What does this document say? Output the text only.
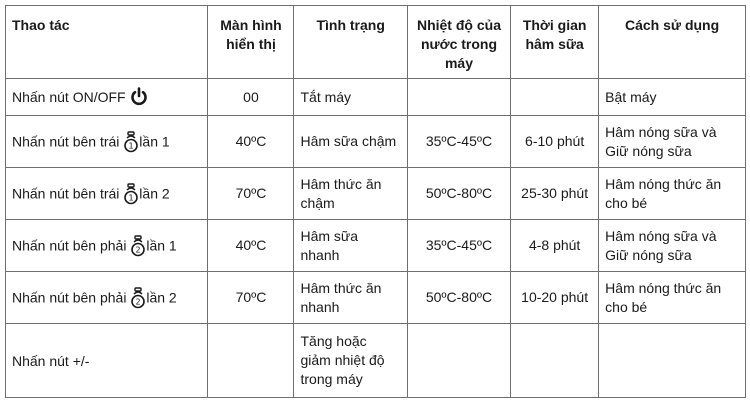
Thao tác	Màn hình hiển thị	Tình trạng	Nhiệt độ của nước trong máy	Thời gian hâm sữa	Cách sử dụng
Nhấn nút ON/OFF	00	Tắt máy			Bật máy
Nhấn nút bên trái 1 lần 1	40ºC	Hâm sữa chậm	35ºC-45ºC	6-10 phút	Hâm nóng sữa và Giữ nóng sữa
Nhấn nút bên trái 1 lần 2	70ºC	Hâm thức ăn chậm	50ºC-80ºC	25-30 phút	Hâm nóng thức ăn cho bé
Nhấn nút bên phải 2 lần 1	40ºC	Hâm sữa nhanh	35ºC-45ºC	4-8 phút	Hâm nóng sữa và Giữ nóng sữa
Nhấn nút bên phải 2 lần 2	70ºC	Hâm thức ăn nhanh	50ºC-80ºC	10-20 phút	Hâm nóng thức ăn cho bé
Nhấn nút +/-		Tăng hoặc giảm nhiệt độ trong máy			
